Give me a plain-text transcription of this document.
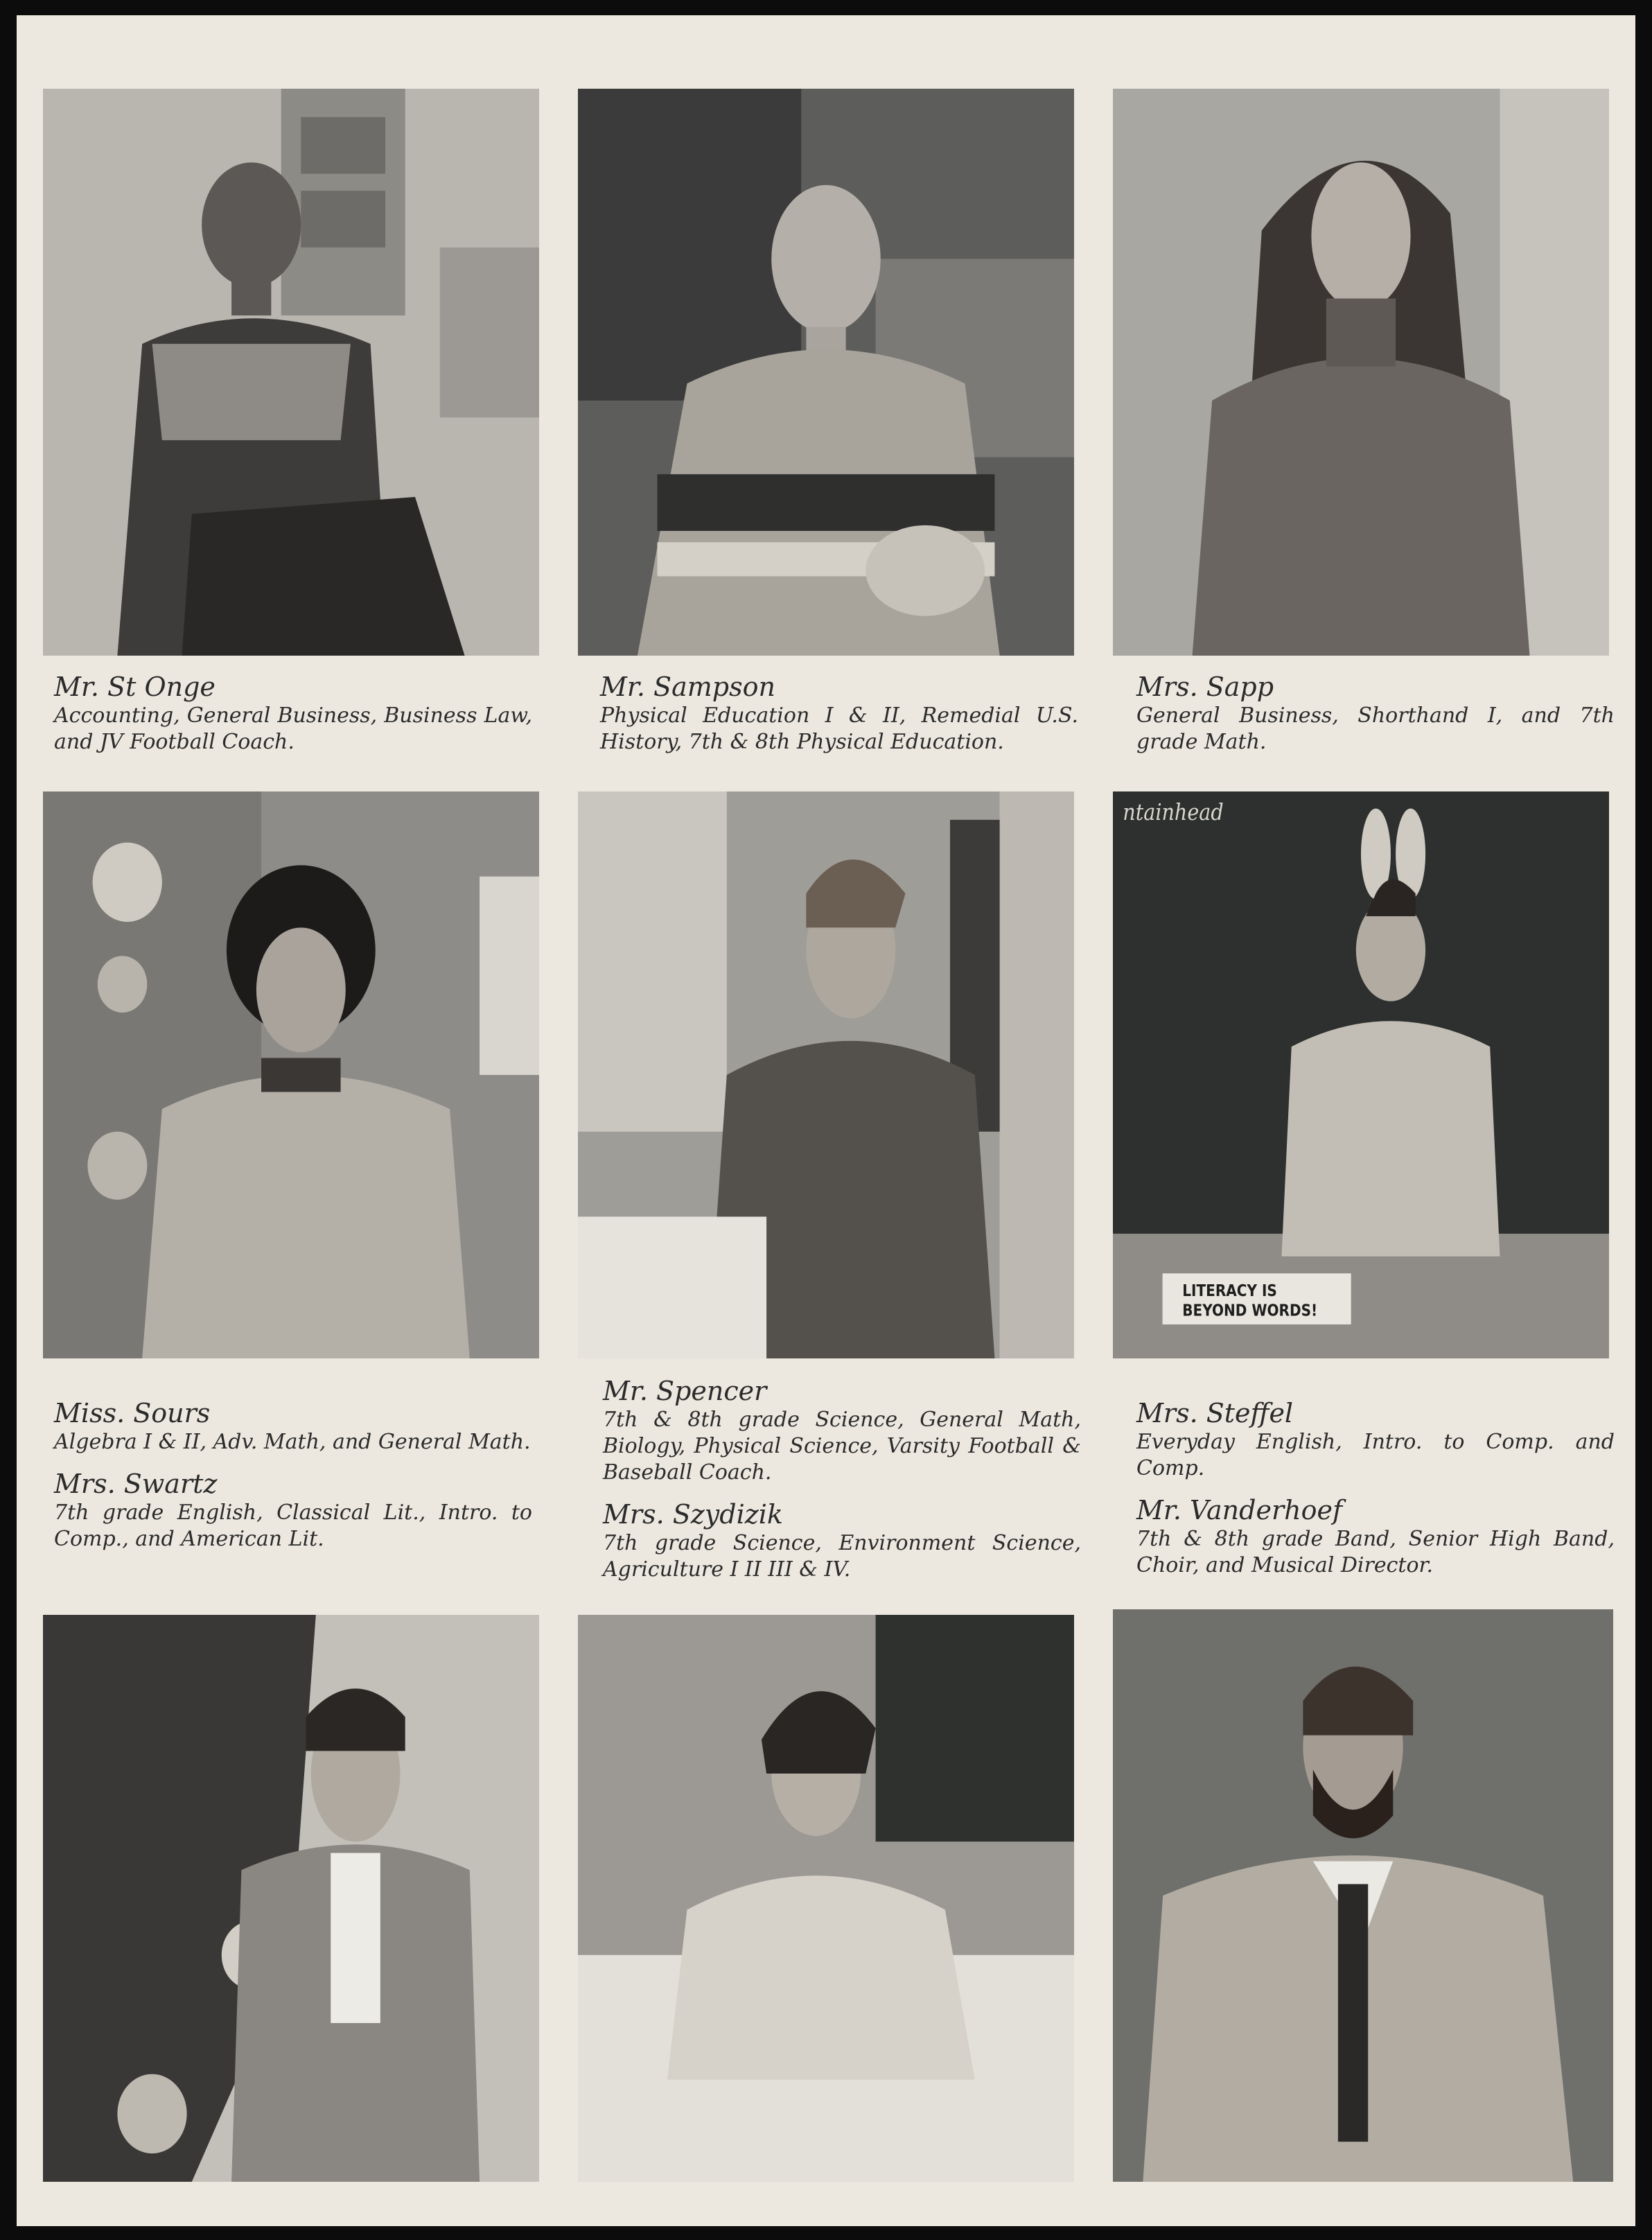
Mr. St Onge

Accounting, General Business, Business Law, and JV Football Coach.

Mr. Sampson

Physical Education I & II, Remedial U.S. History, 7th & 8th Physical Education.

Mrs. Sapp

General Business, Shorthand I, and 7th grade Math.

ntainhead
LITERACY IS
BEYOND WORDS!

Miss. Sours

Algebra I & II, Adv. Math, and General Math.

Mrs. Swartz

7th grade English, Classical Lit., Intro. to Comp., and American Lit.

Mr. Spencer

7th & 8th grade Science, General Math, Biology, Physical Science, Varsity Football & Baseball Coach.

Mrs. Szydizik

7th grade Science, Environment Science, Agriculture I II III & IV.

Mrs. Steffel

Everyday English, Intro. to Comp. and Comp.

Mr. Vanderhoef

7th & 8th grade Band, Senior High Band, Choir, and Musical Director.
